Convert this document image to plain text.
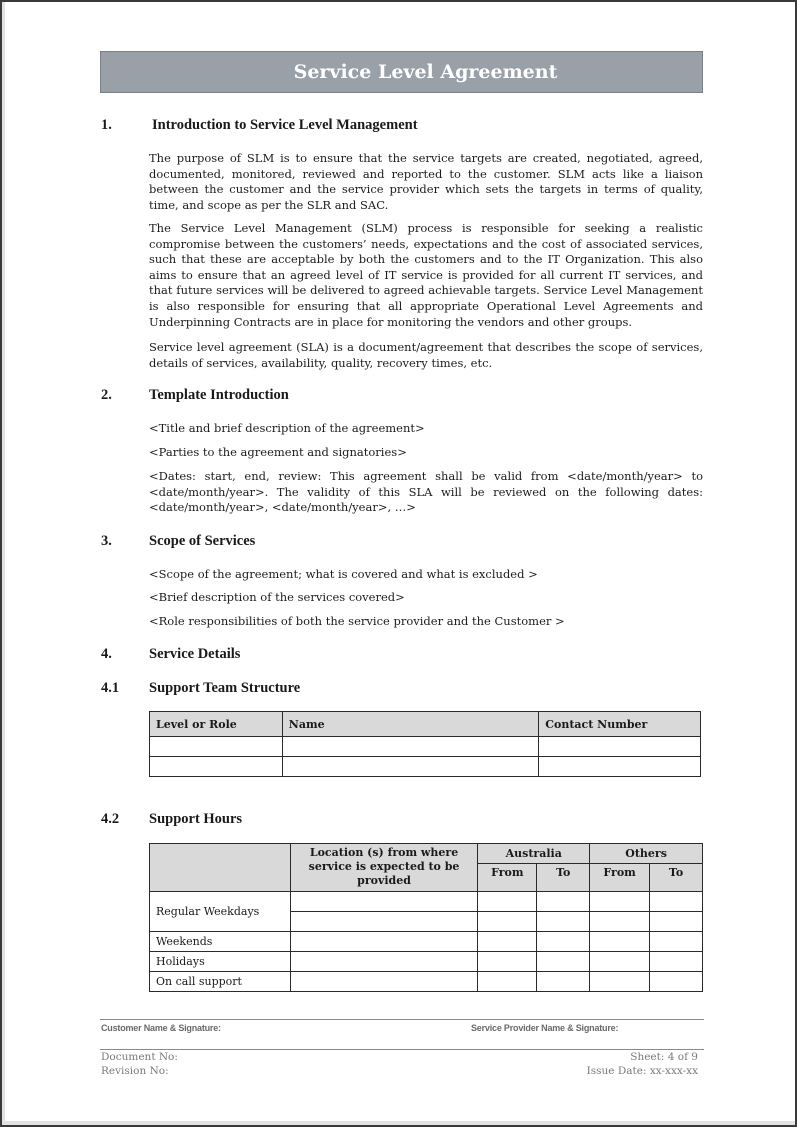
Service Level Agreement
1.	Introduction to Service Level Management
The purpose of SLM is to ensure that the service targets are created, negotiated, agreed, documented, monitored, reviewed and reported to the customer. SLM acts like a liaison between the customer and the service provider which sets the targets in terms of quality, time, and scope as per the SLR and SAC.
The Service Level Management (SLM) process is responsible for seeking a realistic compromise between the customers’ needs, expectations and the cost of associated services, such that these are acceptable by both the customers and to the IT Organization. This also aims to ensure that an agreed level of IT service is provided for all current IT services, and that future services will be delivered to agreed achievable targets. Service Level Management is also responsible for ensuring that all appropriate Operational Level Agreements and Underpinning Contracts are in place for monitoring the vendors and other groups.
Service level agreement (SLA) is a document/agreement that describes the scope of services, details of services, availability, quality, recovery times, etc.
2.	Template Introduction
<Title and brief description of the agreement>
<Parties to the agreement and signatories>
<Dates: start, end, review: This agreement shall be valid from <date/month/year> to <date/month/year>. The validity of this SLA will be reviewed on the following dates: <date/month/year>, <date/month/year>, …>
3.	Scope of Services
<Scope of the agreement; what is covered and what is excluded >
<Brief description of the services covered>
<Role responsibilities of both the service provider and the Customer >
4.	Service Details
4.1	Support Team Structure
Level or Role	Name	Contact Number

4.2	Support Hours
	Location (s) from where service is expected to be provided	Australia		Others	
		From	To	From	To
Regular Weekdays					

Weekends					
Holidays					
On call support					
Customer Name & Signature:	Service Provider Name & Signature:
Document No:
Revision No:
Sheet: 4 of 9
Issue Date: xx-xxx-xx
